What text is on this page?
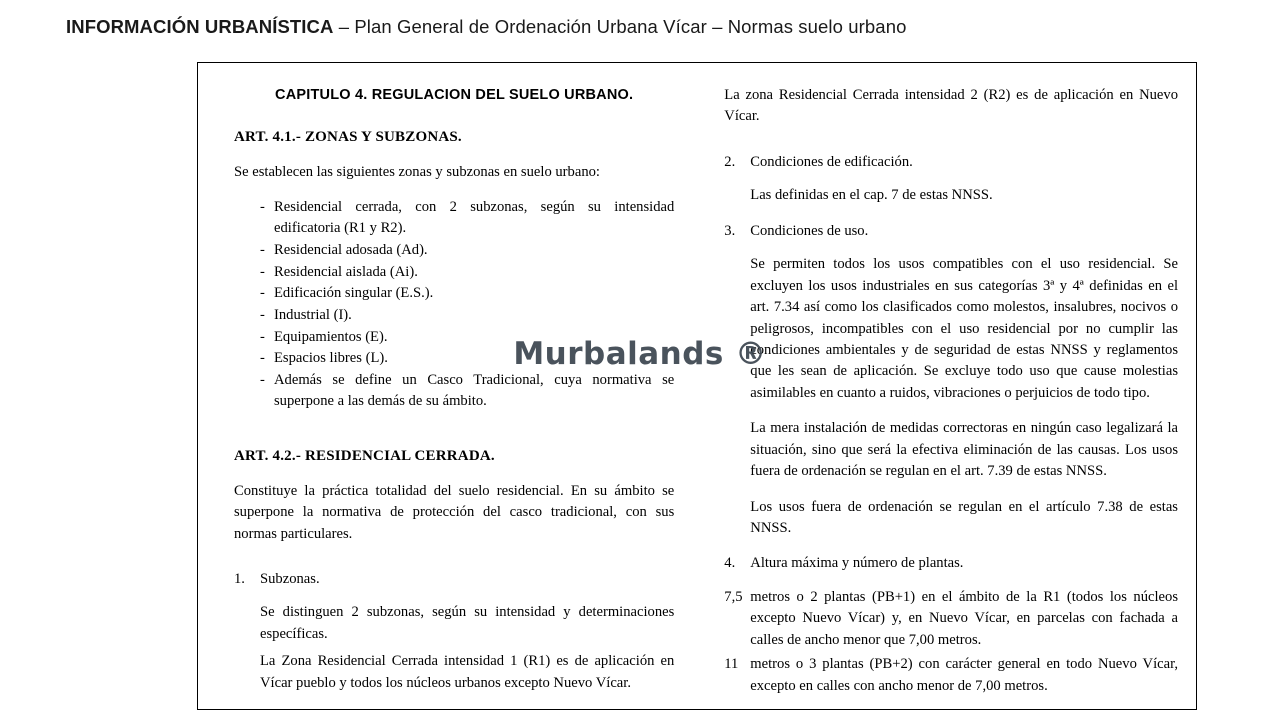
INFORMACIÓN URBANÍSTICA – Plan General de Ordenación Urbana Vícar – Normas suelo urbano
CAPITULO 4. REGULACION DEL SUELO URBANO.
ART. 4.1.- ZONAS Y SUBZONAS.

Se establecen las siguientes zonas y subzonas en suelo urbano:

- Residencial cerrada, con 2 subzonas, según su intensidad edificatoria (R1 y R2).
- Residencial adosada (Ad).
- Residencial aislada (Ai).
- Edificación singular (E.S.).
- Industrial (I).
- Equipamientos (E).
- Espacios libres (L).
- Además se define un Casco Tradicional, cuya normativa se superpone a las demás de su ámbito.
ART. 4.2.- RESIDENCIAL CERRADA.

Constituye la práctica totalidad del suelo residencial. En su ámbito se superpone la normativa de protección del casco tradicional, con sus normas particulares.

1.	Subzonas.

Se distinguen 2 subzonas, según su intensidad y determinaciones específicas.

La Zona Residencial Cerrada intensidad 1 (R1) es de aplicación en Vícar pueblo y todos los núcleos urbanos excepto Nuevo Vícar.

La zona Residencial Cerrada intensidad 2 (R2) es de aplicación en Nuevo Vícar.

2.	Condiciones de edificación.

Las definidas en el cap. 7 de estas NNSS.

3.	Condiciones de uso.

Se permiten todos los usos compatibles con el uso residencial. Se excluyen los usos industriales en sus categorías 3ª y 4ª definidas en el art. 7.34 así como los clasificados como molestos, insalubres, nocivos o peligrosos, incompatibles con el uso residencial por no cumplir las condiciones ambientales y de seguridad de estas NNSS y reglamentos que les sean de aplicación. Se excluye todo uso que cause molestias asimilables en cuanto a ruidos, vibraciones o perjuicios de todo tipo.

La mera instalación de medidas correctoras en ningún caso legalizará la situación, sino que será la efectiva eliminación de las causas. Los usos fuera de ordenación se regulan en el art. 7.39 de estas NNSS.

Los usos fuera de ordenación se regulan en el artículo 7.38 de estas NNSS.

4.	Altura máxima y número de plantas.
7,5 metros o 2 plantas (PB+1) en el ámbito de la R1 (todos los núcleos excepto Nuevo Vícar) y, en Nuevo Vícar, en parcelas con fachada a calles de ancho menor que 7,00 metros.
11 metros o 3 plantas (PB+2) con carácter general en todo Nuevo Vícar, excepto en calles con ancho menor de 7,00 metros.
Murbalands ®
